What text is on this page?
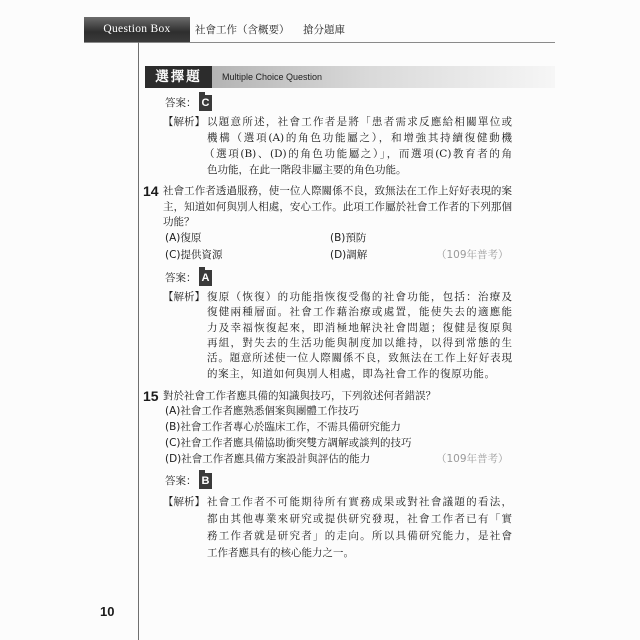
Question Box	社會工作（含概要） 搶分題庫
選擇題	Multiple Choice Question
答案： C
【解析】 以題意所述，社會工作者是將「患者需求反應給相關單位或
機構（選項(A)的角色功能屬之），和增強其持續復健動機
（選項(B)、(D)的角色功能屬之）」，而選項(C)教育者的角
色功能，在此一階段非屬主要的角色功能。
14 社會工作者透過服務，使一位人際關係不良，致無法在工作上好好表現的案
主，知道如何與別人相處，安心工作。此項工作屬於社會工作者的下列那個
功能？
(A)復原	(B)預防
(C)提供資源	(D)調解	（109年普考）
答案： A
【解析】 復原（恢復）的功能指恢復受傷的社會功能，包括：治療及
復健兩種層面。社會工作藉治療或處置，能使失去的適應能
力及幸福恢復起來，即消極地解決社會問題；復健是復原與
再組，對失去的生活功能與制度加以維持，以得到常態的生
活。題意所述使一位人際關係不良，致無法在工作上好好表現
的案主，知道如何與別人相處，即為社會工作的復原功能。
15 對於社會工作者應具備的知識與技巧，下列敘述何者錯誤？
(A)社會工作者應熟悉個案與團體工作技巧
(B)社會工作者專心於臨床工作，不需具備研究能力
(C)社會工作者應具備協助衝突雙方調解或談判的技巧
(D)社會工作者應具備方案設計與評估的能力	（109年普考）
答案： B
【解析】 社會工作者不可能期待所有實務成果或對社會議題的看法，
都由其他專業來研究或提供研究發現，社會工作者已有「實
務工作者就是研究者」的走向。所以具備研究能力，是社會
工作者應具有的核心能力之一。
10
